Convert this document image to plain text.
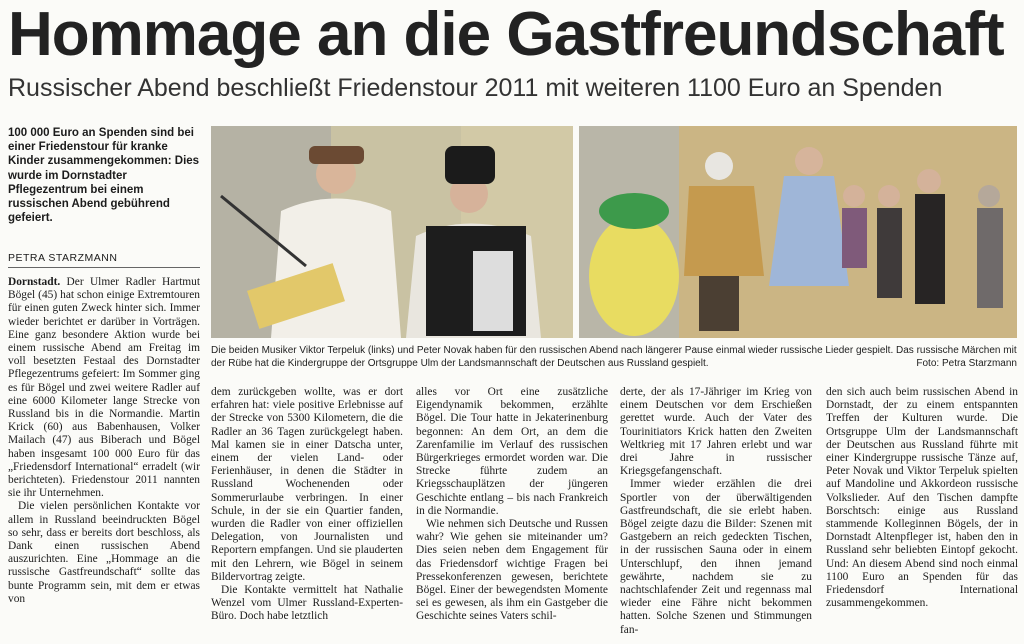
Hommage an die Gastfreundschaft
Russischer Abend beschließt Friedenstour 2011 mit weiteren 1100 Euro an Spenden
100 000 Euro an Spenden sind bei einer Friedenstour für kranke Kinder zusammengekommen: Dies wurde im Dornstadter Pflegezentrum bei einem russischen Abend gebührend gefeiert.
PETRA STARZMANN

Dornstadt. Der Ulmer Radler Hartmut Bögel (45) hat schon einige Extremtouren für einen guten Zweck hinter sich. Immer wieder berichtet er darüber in Vorträgen. Eine ganz besondere Aktion wurde bei einem russische Abend am Freitag im voll besetzten Festaal des Dornstadter Pflegezentrums gefeiert: Im Sommer ging es für Bögel und zwei weitere Radler auf eine 6000 Kilometer lange Strecke von Russland bis in die Normandie. Martin Krick (60) aus Babenhausen, Volker Mailach (47) aus Biberach und Bögel haben insgesamt 100 000 Euro für das „Friedensdorf International“ erradelt (wir berichteten). Friedenstour 2011 nannten sie ihr Unternehmen.

Die vielen persönlichen Kontakte vor allem in Russland beeindruckten Bögel so sehr, dass er bereits dort beschloss, als Dank einen russischen Abend auszurichten. Eine „Hommage an die russische Gastfreundschaft“ sollte das bunte Programm sein, mit dem er etwas von

dem zurückgeben wollte, was er dort erfahren hat: viele positive Erlebnisse auf der Strecke von 5300 Kilometern, die die Radler an 36 Tagen zurückgelegt haben. Mal kamen sie in einer Datscha unter, einem der vielen Land- oder Ferienhäuser, in denen die Städter in Russland Wochenenden oder Sommerurlaube verbringen. In einer Schule, in der sie ein Quartier fanden, wurden die Radler von einer offiziellen Delegation, von Journalisten und Reportern empfangen. Und sie plauderten mit den Lehrern, wie Bögel in seinem Bildervortrag zeigte.

Die Kontakte vermittelt hat Nathalie Wenzel vom Ulmer Russland-Experten-Büro. Doch habe letztlich

alles vor Ort eine zusätzliche Eigendynamik bekommen, erzählte Bögel. Die Tour hatte in Jekaterinenburg begonnen: An dem Ort, an dem die Zarenfamilie im Verlauf des russischen Bürgerkrieges ermordet worden war. Die Strecke führte zudem an Kriegsschauplätzen der jüngeren Geschichte entlang – bis nach Frankreich in die Normandie.

Wie nehmen sich Deutsche und Russen wahr? Wie gehen sie miteinander um? Dies seien neben dem Engagement für das Friedensdorf wichtige Fragen bei Pressekonferenzen gewesen, berichtete Bögel. Einer der bewegendsten Momente sei es gewesen, als ihm ein Gastgeber die Geschichte seines Vaters schil-

derte, der als 17-Jähriger im Krieg von einem Deutschen vor dem Erschießen gerettet wurde. Auch der Vater des Tourinitiators Krick hatten den Zweiten Weltkrieg mit 17 Jahren erlebt und war drei Jahre in russischer Kriegsgefangenschaft.

Immer wieder erzählen die drei Sportler von der überwältigenden Gastfreundschaft, die sie erlebt haben. Bögel zeigte dazu die Bilder: Szenen mit Gastgebern an reich gedeckten Tischen, in der russischen Sauna oder in einem Unterschlupf, den ihnen jemand gewährte, nachdem sie zu nachtschlafender Zeit und regennass mal wieder eine Fähre nicht bekommen hatten. Solche Szenen und Stimmungen fan-

den sich auch beim russischen Abend in Dornstadt, der zu einem entspannten Treffen der Kulturen wurde. Die Ortsgruppe Ulm der Landsmannschaft der Deutschen aus Russland führte mit einer Kindergruppe russische Tänze auf, Peter Novak und Viktor Terpeluk spielten auf Mandoline und Akkordeon russische Volkslieder. Auf den Tischen dampfte Borschtsch: einige aus Russland stammende Kolleginnen Bögels, der in Dornstadt Altenpfleger ist, haben den in Russland sehr beliebten Eintopf gekocht. Und: An diesem Abend sind noch einmal 1100 Euro an Spenden für das Friedensdorf International zusammengekommen.

Die beiden Musiker Viktor Terpeluk (links) und Peter Novak haben für den russischen Abend nach längerer Pause einmal wieder russische Lieder gespielt. Das russische Märchen mit der Rübe hat die Kindergruppe der Ortsgruppe Ulm der Landsmannschaft der Deutschen aus Russland gespielt.	Foto: Petra Starzmann
